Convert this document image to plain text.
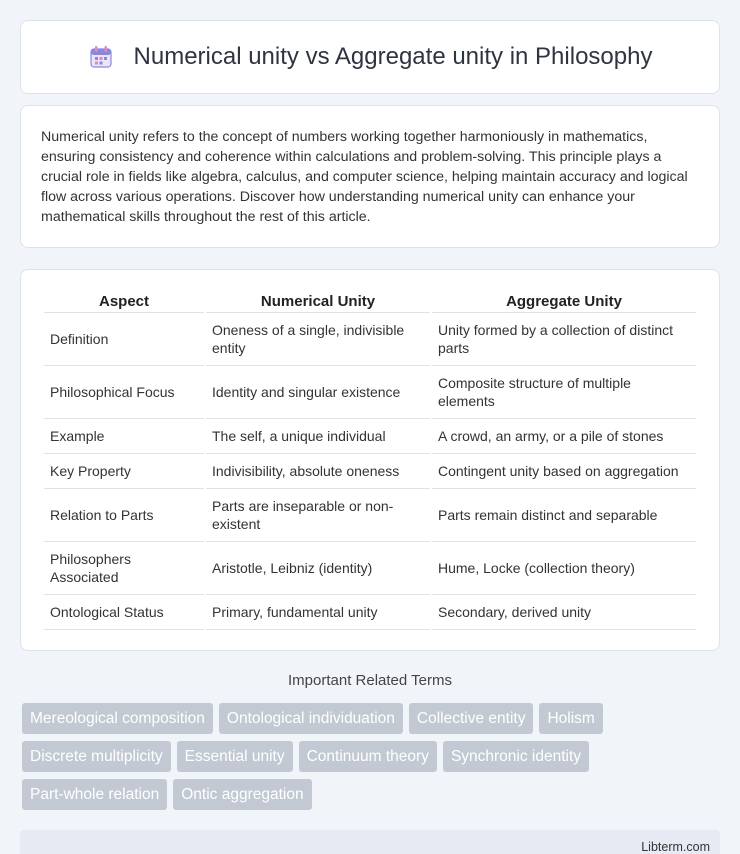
Numerical unity vs Aggregate unity in Philosophy

Numerical unity refers to the concept of numbers working together harmoniously in mathematics, ensuring consistency and coherence within calculations and problem-solving. This principle plays a crucial role in fields like algebra, calculus, and computer science, helping maintain accuracy and logical flow across various operations. Discover how understanding numerical unity can enhance your mathematical skills throughout the rest of this article.

Aspect	Numerical Unity	Aggregate Unity
Definition	Oneness of a single, indivisible entity	Unity formed by a collection of distinct parts
Philosophical Focus	Identity and singular existence	Composite structure of multiple elements
Example	The self, a unique individual	A crowd, an army, or a pile of stones
Key Property	Indivisibility, absolute oneness	Contingent unity based on aggregation
Relation to Parts	Parts are inseparable or non-existent	Parts remain distinct and separable
Philosophers Associated	Aristotle, Leibniz (identity)	Hume, Locke (collection theory)
Ontological Status	Primary, fundamental unity	Secondary, derived unity
Important Related Terms
Mereological composition	Ontological individuation	Collective entity	Holism
Discrete multiplicity	Essential unity	Continuum theory	Synchronic identity
Part-whole relation	Ontic aggregation
Libterm.com
